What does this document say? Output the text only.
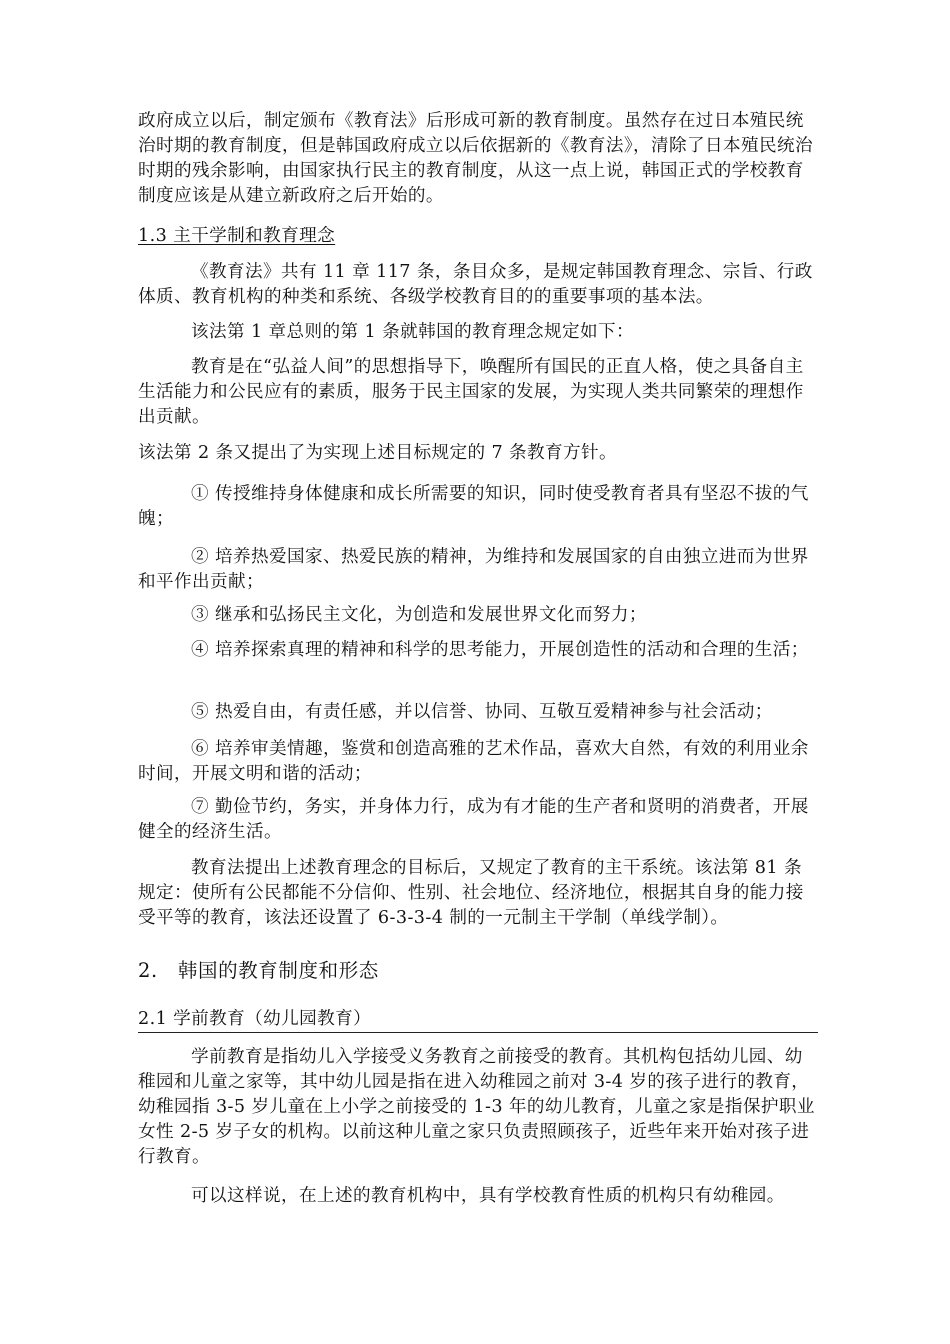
政府成立以后，制定颁布《教育法》后形成可新的教育制度。虽然存在过日本殖民统治时期的教育制度，但是韩国政府成立以后依据新的《教育法》，清除了日本殖民统治时期的残余影响，由国家执行民主的教育制度，从这一点上说，韩国正式的学校教育制度应该是从建立新政府之后开始的。

1.3 主干学制和教育理念

《教育法》共有 11 章 117 条，条目众多，是规定韩国教育理念、宗旨、行政体质、教育机构的种类和系统、各级学校教育目的的重要事项的基本法。

该法第 1 章总则的第 1 条就韩国的教育理念规定如下：

教育是在“弘益人间”的思想指导下，唤醒所有国民的正直人格，使之具备自主生活能力和公民应有的素质，服务于民主国家的发展，为实现人类共同繁荣的理想作出贡献。

该法第 2 条又提出了为实现上述目标规定的 7 条教育方针。

① 传授维持身体健康和成长所需要的知识，同时使受教育者具有坚忍不拔的气魄；

② 培养热爱国家、热爱民族的精神，为维持和发展国家的自由独立进而为世界和平作出贡献；

③ 继承和弘扬民主文化，为创造和发展世界文化而努力；

④ 培养探索真理的精神和科学的思考能力，开展创造性的活动和合理的生活；

⑤ 热爱自由，有责任感，并以信誉、协同、互敬互爱精神参与社会活动；

⑥ 培养审美情趣，鉴赏和创造高雅的艺术作品，喜欢大自然，有效的利用业余时间，开展文明和谐的活动；

⑦ 勤俭节约，务实，并身体力行，成为有才能的生产者和贤明的消费者，开展健全的经济生活。

教育法提出上述教育理念的目标后，又规定了教育的主干系统。该法第 81 条规定：使所有公民都能不分信仰、性别、社会地位、经济地位，根据其自身的能力接受平等的教育，该法还设置了 6-3-3-4 制的一元制主干学制（单线学制）。

2.　韩国的教育制度和形态

2.1 学前教育（幼儿园教育）

学前教育是指幼儿入学接受义务教育之前接受的教育。其机构包括幼儿园、幼稚园和儿童之家等，其中幼儿园是指在进入幼稚园之前对 3-4 岁的孩子进行的教育，幼稚园指 3-5 岁儿童在上小学之前接受的 1-3 年的幼儿教育，儿童之家是指保护职业女性 2-5 岁子女的机构。以前这种儿童之家只负责照顾孩子，近些年来开始对孩子进行教育。

可以这样说，在上述的教育机构中，具有学校教育性质的机构只有幼稚园。
